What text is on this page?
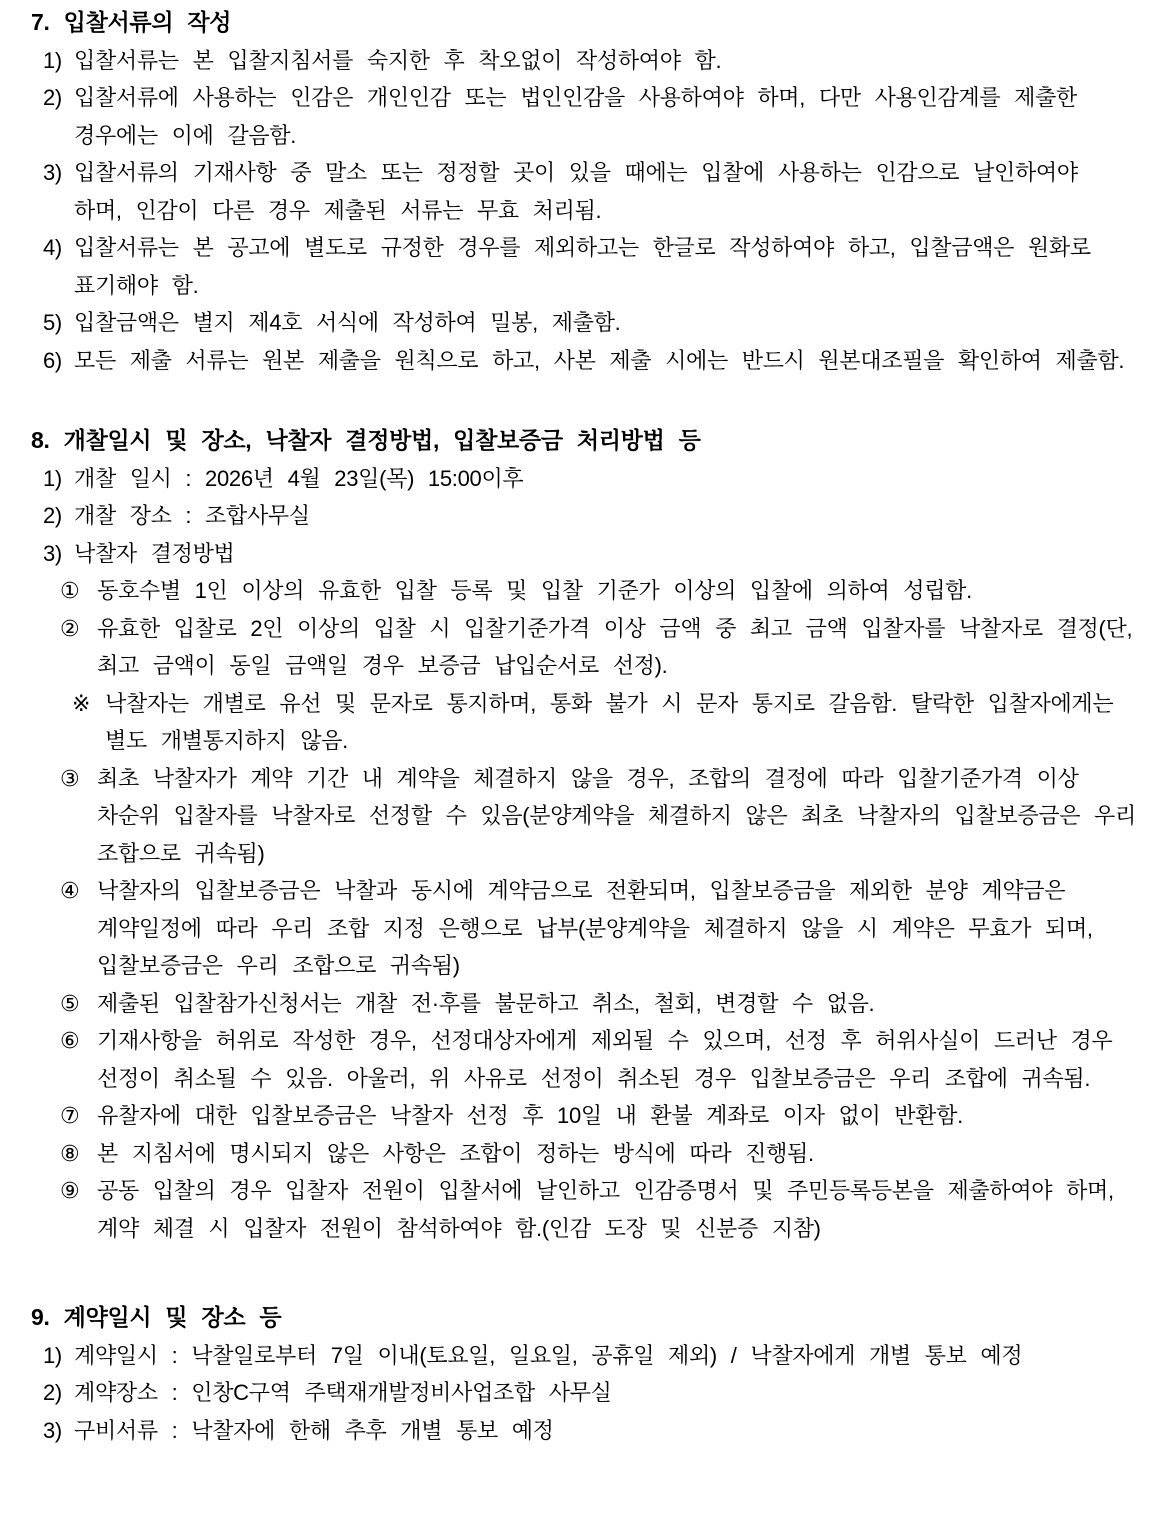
7. 입찰서류의 작성
1) 입찰서류는 본 입찰지침서를 숙지한 후 착오없이 작성하여야 함.
2) 입찰서류에 사용하는 인감은 개인인감 또는 법인인감을 사용하여야 하며, 다만 사용인감계를 제출한 경우에는 이에 갈음함.
3) 입찰서류의 기재사항 중 말소 또는 정정할 곳이 있을 때에는 입찰에 사용하는 인감으로 날인하여야 하며, 인감이 다른 경우 제출된 서류는 무효 처리됨.
4) 입찰서류는 본 공고에 별도로 규정한 경우를 제외하고는 한글로 작성하여야 하고, 입찰금액은 원화로 표기해야 함.
5) 입찰금액은 별지 제4호 서식에 작성하여 밀봉, 제출함.
6) 모든 제출 서류는 원본 제출을 원칙으로 하고, 사본 제출 시에는 반드시 원본대조필을 확인하여 제출함.
8. 개찰일시 및 장소, 낙찰자 결정방법, 입찰보증금 처리방법 등
1) 개찰 일시 : 2026년 4월 23일(목) 15:00이후
2) 개찰 장소 : 조합사무실
3) 낙찰자 결정방법
① 동호수별 1인 이상의 유효한 입찰 등록 및 입찰 기준가 이상의 입찰에 의하여 성립함.
② 유효한 입찰로 2인 이상의 입찰 시 입찰기준가격 이상 금액 중 최고 금액 입찰자를 낙찰자로 결정(단, 최고 금액이 동일 금액일 경우 보증금 납입순서로 선정).
※ 낙찰자는 개별로 유선 및 문자로 통지하며, 통화 불가 시 문자 통지로 갈음함. 탈락한 입찰자에게는 별도 개별통지하지 않음.
③ 최초 낙찰자가 계약 기간 내 계약을 체결하지 않을 경우, 조합의 결정에 따라 입찰기준가격 이상 차순위 입찰자를 낙찰자로 선정할 수 있음(분양계약을 체결하지 않은 최초 낙찰자의 입찰보증금은 우리 조합으로 귀속됨)
④ 낙찰자의 입찰보증금은 낙찰과 동시에 계약금으로 전환되며, 입찰보증금을 제외한 분양 계약금은 계약일정에 따라 우리 조합 지정 은행으로 납부(분양계약을 체결하지 않을 시 계약은 무효가 되며, 입찰보증금은 우리 조합으로 귀속됨)
⑤ 제출된 입찰참가신청서는 개찰 전·후를 불문하고 취소, 철회, 변경할 수 없음.
⑥ 기재사항을 허위로 작성한 경우, 선정대상자에게 제외될 수 있으며, 선정 후 허위사실이 드러난 경우 선정이 취소될 수 있음. 아울러, 위 사유로 선정이 취소된 경우 입찰보증금은 우리 조합에 귀속됨.
⑦ 유찰자에 대한 입찰보증금은 낙찰자 선정 후 10일 내 환불 계좌로 이자 없이 반환함.
⑧ 본 지침서에 명시되지 않은 사항은 조합이 정하는 방식에 따라 진행됨.
⑨ 공동 입찰의 경우 입찰자 전원이 입찰서에 날인하고 인감증명서 및 주민등록등본을 제출하여야 하며, 계약 체결 시 입찰자 전원이 참석하여야 함.(인감 도장 및 신분증 지참)
9. 계약일시 및 장소 등
1) 계약일시 : 낙찰일로부터 7일 이내(토요일, 일요일, 공휴일 제외) / 낙찰자에게 개별 통보 예정
2) 계약장소 : 인창C구역 주택재개발정비사업조합 사무실
3) 구비서류 : 낙찰자에 한해 추후 개별 통보 예정
